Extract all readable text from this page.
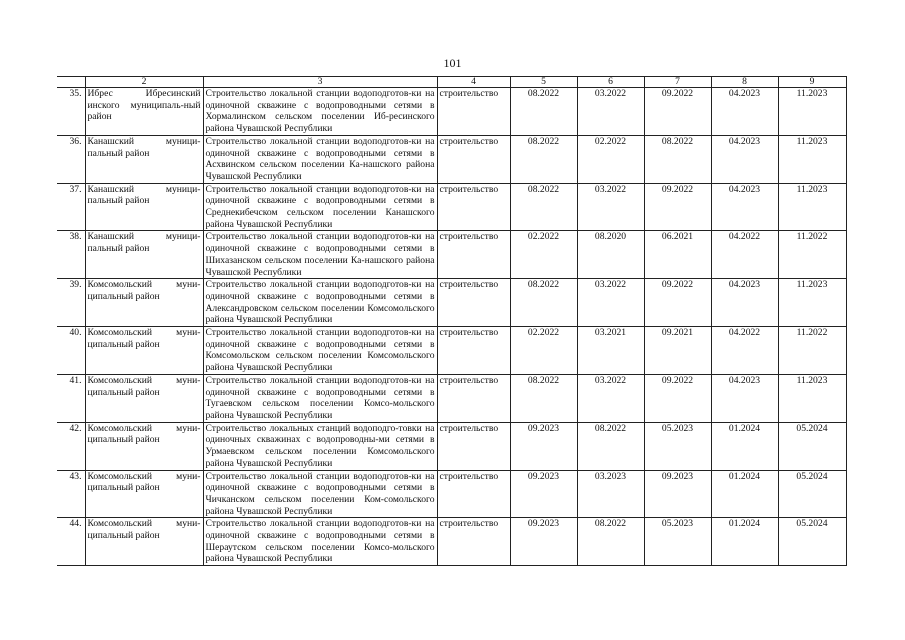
101
	2	3	4	5	6	7	8	9
35.	Ибрес Ибресинский инского муниципаль-ный район	Строительство локальной станции водоподготов-ки на одиночной скважине с водопроводными сетями в Хормалинском сельском поселении Иб-ресинского района Чувашской Республики	строительство	08.2022	03.2022	09.2022	04.2023	11.2023
36.	Канашский муници-пальный район	Строительство локальной станции водоподготов-ки на одиночной скважине с водопроводными сетями в Асхвинском сельском поселении Ка-нашского района Чувашской Республики	строительство	08.2022	02.2022	08.2022	04.2023	11.2023
37.	Канашский муници-пальный район	Строительство локальной станции водоподготов-ки на одиночной скважине с водопроводными сетями в Среднекибечском сельском поселении Канашского района Чувашской Республики	строительство	08.2022	03.2022	09.2022	04.2023	11.2023
38.	Канашский муници-пальный район	Строительство локальной станции водоподготов-ки на одиночной скважине с водопроводными сетями в Шихазанском сельском поселении Ка-нашского района Чувашской Республики	строительство	02.2022	08.2020	06.2021	04.2022	11.2022
39.	Комсомольский муни-ципальный район	Строительство локальной станции водоподготов-ки на одиночной скважине с водопроводными сетями в Александровском сельском поселении Комсомольского района Чувашской Республики	строительство	08.2022	03.2022	09.2022	04.2023	11.2023
40.	Комсомольский муни-ципальный район	Строительство локальной станции водоподготов-ки на одиночной скважине с водопроводными сетями в Комсомольском сельском поселении Комсомольского района Чувашской Республики	строительство	02.2022	03.2021	09.2021	04.2022	11.2022
41.	Комсомольский муни-ципальный район	Строительство локальной станции водоподготов-ки на одиночной скважине с водопроводными сетями в Тугаевском сельском поселении Комсо-мольского района Чувашской Республики	строительство	08.2022	03.2022	09.2022	04.2023	11.2023
42.	Комсомольский муни-ципальный район	Строительство локальных станций водоподго-товки на одиночных скважинах с водопроводны-ми сетями в Урмаевском сельском поселении Комсомольского района Чувашской Республики	строительство	09.2023	08.2022	05.2023	01.2024	05.2024
43.	Комсомольский муни-ципальный район	Строительство локальной станции водоподготов-ки на одиночной скважине с водопроводными сетями в Чичканском сельском поселении Ком-сомольского района Чувашской Республики	строительство	09.2023	03.2023	09.2023	01.2024	05.2024
44.	Комсомольский муни-ципальный район	Строительство локальной станции водоподготов-ки на одиночной скважине с водопроводными сетями в Шераутском сельском поселении Комсо-мольского района Чувашской Республики	строительство	09.2023	08.2022	05.2023	01.2024	05.2024
